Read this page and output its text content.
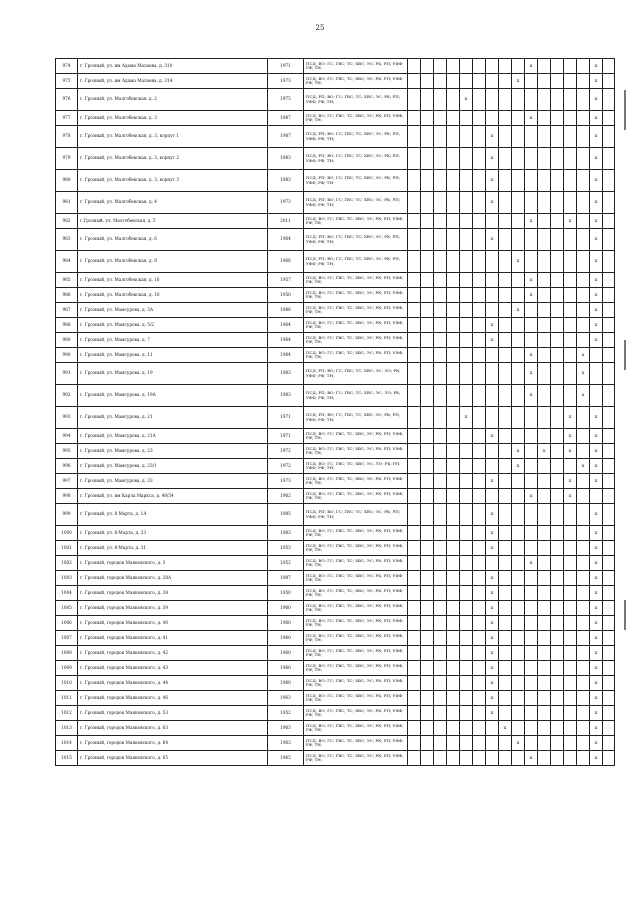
25
974	г. Грозный, ул. им Адама Малаева, д. 310	1971	ПСД; ВО; ГС; ГВС; ТС; ХВС; ЭС; РК; РП; УФФ; РФ; ТН;										x					x	
975	г. Грозный, ул. им Адама Малаева, д. 314	1973	ПСД; ВО; ГС; ГВС; ТС; ХВС; ЭС; РК; РП; УФФ; РФ; ТН;									x						x	
976	г. Грозный, ул. Малгобекская, д. 2	1975	ПСД; РП; ВО; ГС; ГВС; ТС; ХВС; ЭС; РК; РП; УФФ; РФ; ТН;					x										x	
977	г. Грозный, ул. Малгобекская, д. 3	1987	ПСД; ВО; ГС; ГВС; ТС; ХВС; ЭС; РК; РП; УФФ; РФ; ТН;										x					x	
978	г. Грозный, ул. Малгобекская, д. 3, корпус 1	1987	ПСД; РП; ВО; ГС; ГВС; ТС; ХВС; ЭС; РК; РП; УФФ; РФ; ТН;							x								x	
979	г. Грозный, ул. Малгобекская, д. 3, корпус 2	1983	ПСД; РП; ВО; ГС; ГВС; ТС; ХВС; ЭС; РК; РП; УФФ; РФ; ТН;							x								x	
980	г. Грозный, ул. Малгобекская, д. 3, корпус 3	1983	ПСД; РП; ВО; ГС; ГВС; ТС; ХВС; ЭС; РК; РП; УФФ; РФ; ТН;							x								x	
981	г. Грозный, ул. Малгобекская, д. 4	1973	ПСД; РП; ВО; ГС; ГВС; ТС; ХВС; ЭС; РК; РП; УФФ; РФ; ТН;							x								x	
982	г.Грозный, ул. Малгобекская, д. 5	2011	ПСД; ВО; ГС; ГВС; ТС; ХВС; ЭС; РК; РП; УФФ; РФ; ТН;										x			x		x	
983	г. Грозный, ул. Малгобекская, д. 6	1964	ПСД; РП; ВО; ГС; ГВС; ТС; ХВС; ЭС; РК; РП; УФФ; РФ; ТН;							x								x	
984	г. Грозный, ул. Малгобекская, д. 8	1966	ПСД; РП; ВО; ГС; ГВС; ТС; ХВС; ЭС; РК; РП; УФФ; РФ; ТН;									x						x	
985	г. Грозный, ул. Малгобекская, д. 16	1957	ПСД; ВО; ГС; ГВС; ТС; ХВС; ЭС; РК; РП; УФФ; РФ; ТН;										x					x	
986	г. Грозный, ул. Малгобекская, д. 18	1950	ПСД; ВО; ГС; ГВС; ТС; ХВС; ЭС; РК; РП; УФФ; РФ; ТН;										x					x	
987	г. Грозный, ул. Мамсурова, д. 3А	1986	ПСД; ВО; ГС; ГВС; ТС; ХВС; ЭС; РК; РП; УФФ; РФ; ТН;									x						x	
988	г. Грозный, ул. Мамсурова, д. 5/2	1964	ПСД; ВО; ГС; ГВС; ТС; ХВС; ЭС; РК; РП; УФФ; РФ; ТН;							x								x	
989	г. Грозный, ул. Мамсурова, д. 7	1964	ПСД; ВО; ГС; ГВС; ТС; ХВС; ЭС; РК; РП; УФФ; РФ; ТН;							x								x	
990	г. Грозный, ул. Мамсурова, д. 11	1964	ПСД; ВО; ГС; ГВС; ТС; ХВС; ЭС; РК; РП; УФФ; РФ; ТН;										x				x		
991	г. Грозный, ул. Мамсурова, д. 19	1983	ПСД; РП; ВО; ГС; ГВС; ТС; ХВС; ЭС; ЛО; РК; УФФ; РФ; ТН;										x				x		
992	г. Грозный, ул. Мамсурова, д. 19А	1983	ПСД; РП; ВО; ГС; ГВС; ТС; ХВС; ЭС; ЛО; РК; УФФ; РФ; ТН;										x				x		
993	г. Грозный, ул. Мамсурова, д. 21	1971	ПСД; РП; ВО; ГС; ГВС; ТС; ХВС; ЭС; РК; РП; УФФ; РФ; ТН;					x								x		x	
994	г. Грозный, ул. Мамсурова, д. 21А	1971	ПСД; ВО; ГС; ГВС; ТС; ХВС; ЭС; РК; РП; УФФ; РФ; ТН;							x						x		x	
995	г. Грозный, ул. Мамсурова, д. 23	1972	ПСД; ВО; ГС; ГВС; ТС; ХВС; ЭС; РК; РП; УФФ; РФ; ТН;									x		x		x		x	
996	г. Грозный, ул. Мамсурова, д. 23/1	1972	ПСД; ВО; ГС; ГВС; ТС; ХВС; ЭС; ЛО; РК; РП; УФФ; РФ; ТН;									x					x	x	
997	г. Грозный, ул. Мамсурова, д. 33	1973	ПСД; ВО; ГС; ГВС; ТС; ХВС; ЭС; РК; РП; УФФ; РФ; ТН;							x						x		x	
998	г. Грозный, ул. им Карла Маркса, д. 48/54	1962	ПСД; ВО; ГС; ГВС; ТС; ХВС; ЭС; РК; РП; УФФ; РФ; ТН;										x			x			
999	г. Грозный, ул. 8 Марта, д. 1А	1985	ПСД; РП; ВО; ГС; ГВС; ТС; ХВС; ЭС; РК; РП; УФФ; РФ; ТН;							x								x	
1000	г. Грозный, ул. 8-Марта, д. 23	1983	ПСД; ВО; ГС; ГВС; ТС; ХВС; ЭС; РК; РП; УФФ; РФ; ТН;							x								x	
1001	г. Грозный, ул. 8-Марта, д. 31	1953	ПСД; ВО; ГС; ГВС; ТС; ХВС; ЭС; РК; РП; УФФ; РФ; ТН;							x								x	
1002	г. Грозный, городок Маяковского, д. 3	1952	ПСД; ВО; ГС; ГВС; ТС; ХВС; ЭС; РК; РП; УФФ; РФ; ТН;										x					x	
1003	г. Грозный, городок Маяковского, д. 28А	1987	ПСД; ВО; ГС; ГВС; ТС; ХВС; ЭС; РК; РП; УФФ; РФ; ТН;							x								x	
1004	г. Грозный, городок Маяковского, д. 38	1950	ПСД; ВО; ГС; ГВС; ТС; ХВС; ЭС; РК; РП; УФФ; РФ; ТН;							x								x	
1005	г. Грозный, городок Маяковского, д. 39	1960	ПСД; ВО; ГС; ГВС; ТС; ХВС; ЭС; РК; РП; УФФ; РФ; ТН;							x								x	
1006	г. Грозный, городок Маяковского, д. 40	1960	ПСД; ВО; ГС; ГВС; ТС; ХВС; ЭС; РК; РП; УФФ; РФ; ТН;							x								x	
1007	г. Грозный, городок Маяковского, д. 41	1960	ПСД; ВО; ГС; ГВС; ТС; ХВС; ЭС; РК; РП; УФФ; РФ; ТН;							x								x	
1008	г. Грозный, городок Маяковского, д. 42	1960	ПСД; ВО; ГС; ГВС; ТС; ХВС; ЭС; РК; РП; УФФ; РФ; ТН;							x								x	
1009	г. Грозный, городок Маяковского, д. 43	1960	ПСД; ВО; ГС; ГВС; ТС; ХВС; ЭС; РК; РП; УФФ; РФ; ТН;							x								x	
1010	г. Грозный, городок Маяковского, д. 44	1960	ПСД; ВО; ГС; ГВС; ТС; ХВС; ЭС; РК; РП; УФФ; РФ; ТН;							x								x	
1011	г. Грозный, городок Маяковского, д. 46	1963	ПСД; ВО; ГС; ГВС; ТС; ХВС; ЭС; РК; РП; УФФ; РФ; ТН;							x								x	
1012	г. Грозный, городок Маяковского, д. 53	1952	ПСД; ВО; ГС; ГВС; ТС; ХВС; ЭС; РК; РП; УФФ; РФ; ТН;							x								x	
1013	г. Грозный, городок Маяковского, д. 63	1963	ПСД; ВО; ГС; ГВС; ТС; ХВС; ЭС; РК; РП; УФФ; РФ; ТН;								x							x	
1014	г. Грозный, городок Маяковского, д. 64	1963	ПСД; ВО; ГС; ГВС; ТС; ХВС; ЭС; РК; РП; УФФ; РФ; ТН;									x						x	
1015	г. Грозный, городок Маяковского, д. 65	1965	ПСД; ВО; ГС; ГВС; ТС; ХВС; ЭС; РК; РП; УФФ; РФ; ТН;										x					x	
